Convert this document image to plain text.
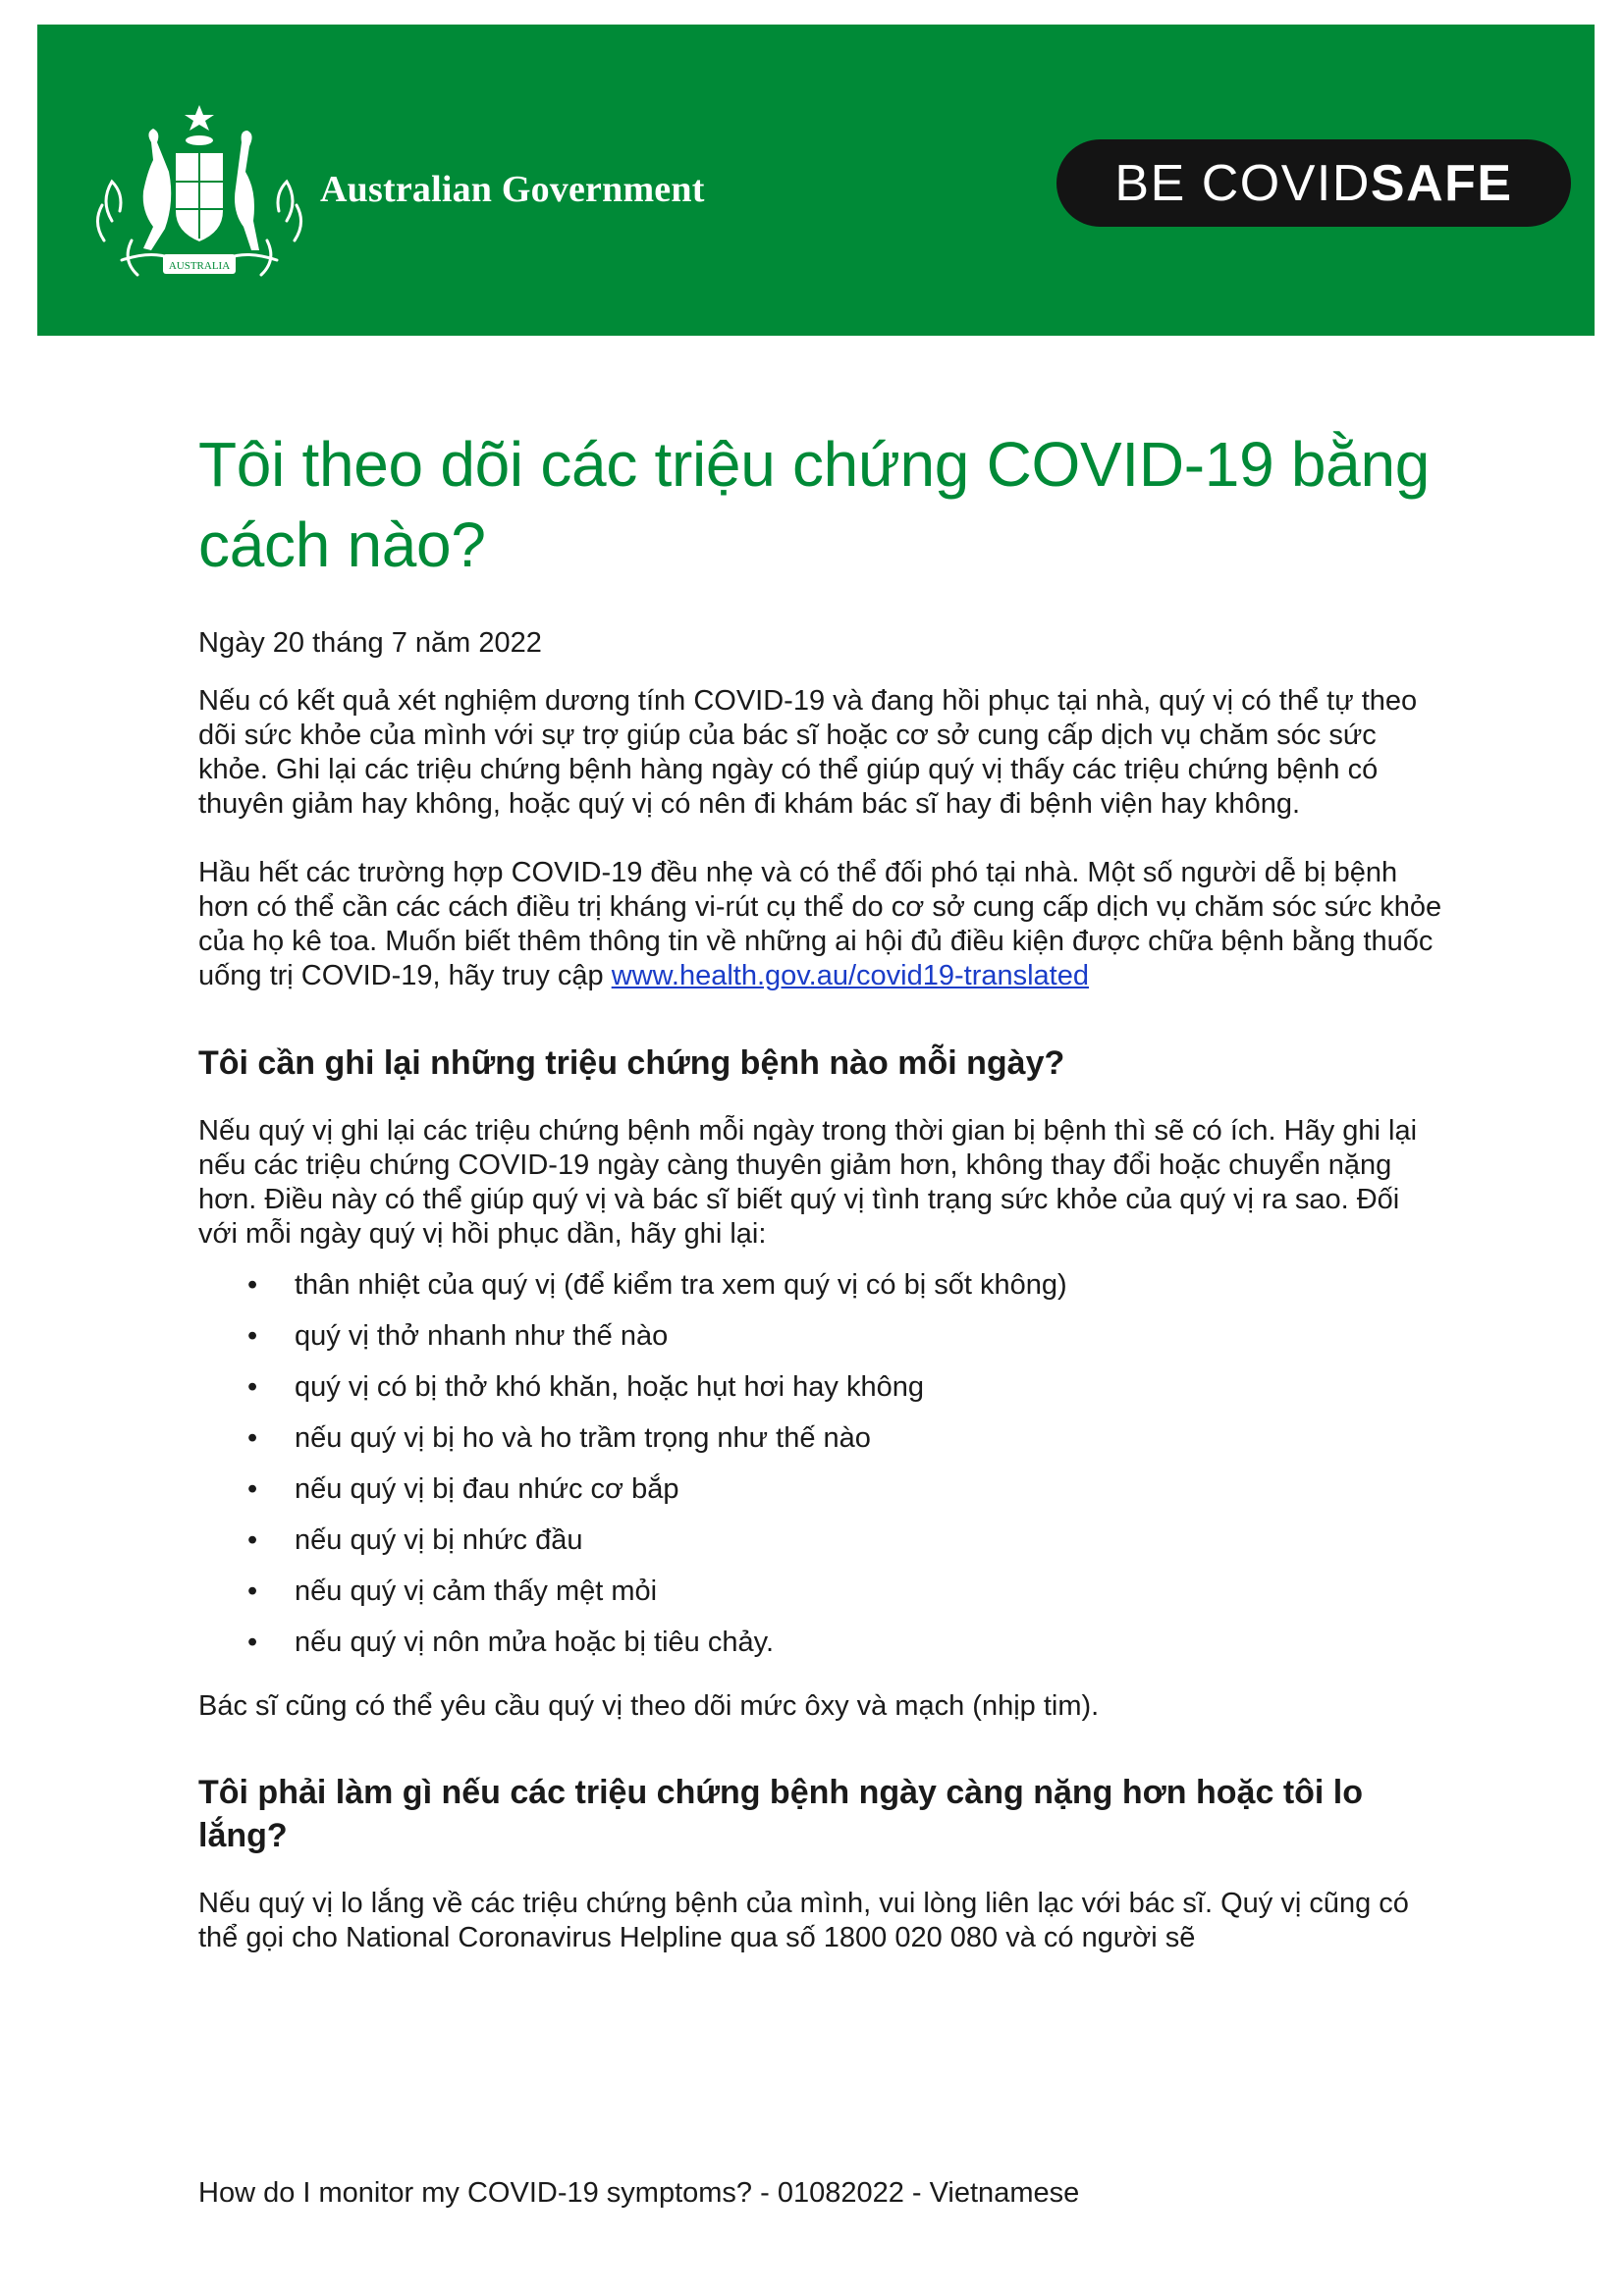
AUSTRALIA

Australian Government	BE COVID SAFE
Tôi theo dõi các triệu chứng COVID-19 bằng cách nào?

Ngày 20 tháng 7 năm 2022

Nếu có kết quả xét nghiệm dương tính COVID-19 và đang hồi phục tại nhà, quý vị có thể tự theo dõi sức khỏe của mình với sự trợ giúp của bác sĩ hoặc cơ sở cung cấp dịch vụ chăm sóc sức khỏe. Ghi lại các triệu chứng bệnh hàng ngày có thể giúp quý vị thấy các triệu chứng bệnh có thuyên giảm hay không, hoặc quý vị có nên đi khám bác sĩ hay đi bệnh viện hay không.

Hầu hết các trường hợp COVID-19 đều nhẹ và có thể đối phó tại nhà. Một số người dễ bị bệnh hơn có thể cần các cách điều trị kháng vi-rút cụ thể do cơ sở cung cấp dịch vụ chăm sóc sức khỏe của họ kê toa. Muốn biết thêm thông tin về những ai hội đủ điều kiện được chữa bệnh bằng thuốc uống trị COVID-19, hãy truy cập www.health.gov.au/covid19-translated

Tôi cần ghi lại những triệu chứng bệnh nào mỗi ngày?

Nếu quý vị ghi lại các triệu chứng bệnh mỗi ngày trong thời gian bị bệnh thì sẽ có ích. Hãy ghi lại nếu các triệu chứng COVID-19 ngày càng thuyên giảm hơn, không thay đổi hoặc chuyển nặng hơn. Điều này có thể giúp quý vị và bác sĩ biết quý vị tình trạng sức khỏe của quý vị ra sao. Đối với mỗi ngày quý vị hồi phục dần, hãy ghi lại:

• thân nhiệt của quý vị (để kiểm tra xem quý vị có bị sốt không)
• quý vị thở nhanh như thế nào
• quý vị có bị thở khó khăn, hoặc hụt hơi hay không
• nếu quý vị bị ho và ho trầm trọng như thế nào
• nếu quý vị bị đau nhức cơ bắp
• nếu quý vị bị nhức đầu
• nếu quý vị cảm thấy mệt mỏi
• nếu quý vị nôn mửa hoặc bị tiêu chảy.

Bác sĩ cũng có thể yêu cầu quý vị theo dõi mức ôxy và mạch (nhịp tim).

Tôi phải làm gì nếu các triệu chứng bệnh ngày càng nặng hơn hoặc tôi lo lắng?

Nếu quý vị lo lắng về các triệu chứng bệnh của mình, vui lòng liên lạc với bác sĩ. Quý vị cũng có thể gọi cho National Coronavirus Helpline qua số 1800 020 080 và có người sẽ

How do I monitor my COVID-19 symptoms? - 01082022 - Vietnamese
